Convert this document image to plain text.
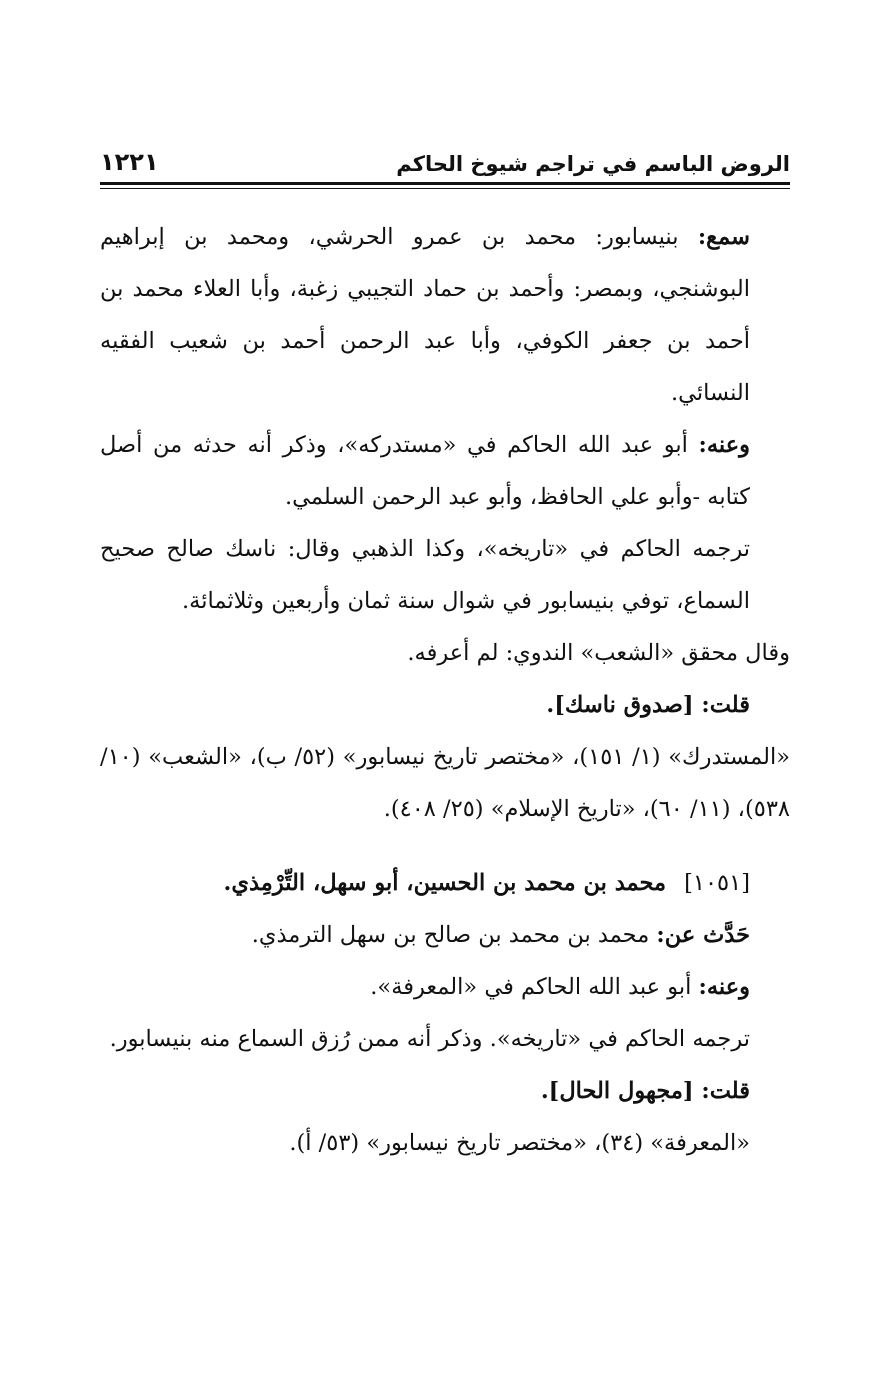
الروض الباسم في تراجم شيوخ الحاكم
١٢٢١

سمع: بنيسابور: محمد بن عمرو الحرشي، ومحمد بن إبراهيم البوشنجي، وبمصر: وأحمد بن حماد التجيبي زغبة، وأبا العلاء محمد بن أحمد بن جعفر الكوفي، وأبا عبد الرحمن أحمد بن شعيب الفقيه النسائي.

وعنه: أبو عبد الله الحاكم في «مستدركه»، وذكر أنه حدثه من أصل كتابه -وأبو علي الحافظ، وأبو عبد الرحمن السلمي.

ترجمه الحاكم في «تاريخه»، وكذا الذهبي وقال: ناسك صالح صحيح السماع، توفي بنيسابور في شوال سنة ثمان وأربعين وثلاثمائة.

وقال محقق «الشعب» الندوي: لم أعرفه.

قلت: [صدوق ناسك].

«المستدرك» (١/ ١٥١)، «مختصر تاريخ نيسابور» (٥٢/ ب)، «الشعب» (١٠/ ٥٣٨)، (١١/ ٦٠)، «تاريخ الإسلام» (٢٥/ ٤٠٨).

[١٠٥١]محمد بن محمد بن الحسين، أبو سهل، التِّرْمِذي.

حَدَّث عن: محمد بن محمد بن صالح بن سهل الترمذي.

وعنه: أبو عبد الله الحاكم في «المعرفة».

ترجمه الحاكم في «تاريخه». وذكر أنه ممن رُزق السماع منه بنيسابور.

قلت: [مجهول الحال].

«المعرفة» (٣٤)، «مختصر تاريخ نيسابور» (٥٣/ أ).
